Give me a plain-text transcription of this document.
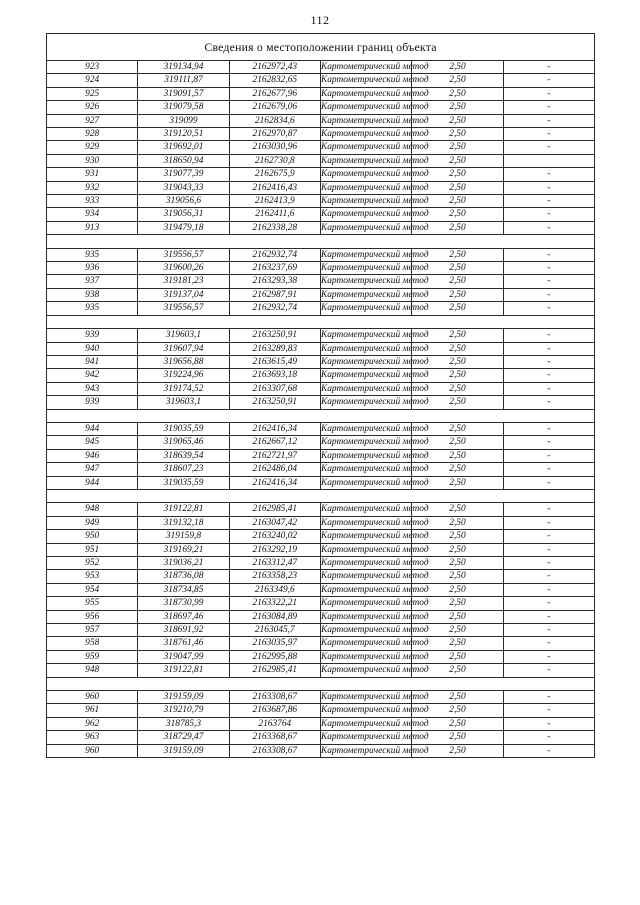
112
Сведения о местоположении границ объекта					
923	319134,94	2162972,43	Картометрический метод	2,50	-
924	319111,87	2162832,65	Картометрический метод	2,50	-
925	319091,57	2162677,96	Картометрический метод	2,50	-
926	319079,58	2162679,06	Картометрический метод	2,50	-
927	319099	2162834,6	Картометрический метод	2,50	-
928	319120,51	2162970,87	Картометрический метод	2,50	-
929	319692,01	2163030,96	Картометрический метод	2,50	-
930	318650,94	2162730,8	Картометрический метод	2,50	
931	319077,39	2162675,9	Картометрический метод	2,50	-
932	319043,33	2162416,43	Картометрический метод	2,50	-
933	319056,6	2162413,9	Картометрический метод	2,50	-
934	319056,31	2162411,6	Картометрический метод	2,50	-
913	319479,18	2162338,28	Картометрический метод	2,50	-

935	319556,57	2162932,74	Картометрический метод	2,50	-
936	319600,26	2163237,69	Картометрический метод	2,50	-
937	319181,23	2163293,38	Картометрический метод	2,50	-
938	319137,04	2162987,91	Картометрический метод	2,50	-
935	319556,57	2162932,74	Картометрический метод	2,50	-

939	319603,1	2163250,91	Картометрический метод	2,50	-
940	319607,94	2163289,83	Картометрический метод	2,50	-
941	319656,88	2163615,49	Картометрический метод	2,50	-
942	319224,96	2163693,18	Картометрический метод	2,50	-
943	319174,52	2163307,68	Картометрический метод	2,50	-
939	319603,1	2163250,91	Картометрический метод	2,50	-

944	319035,59	2162416,34	Картометрический метод	2,50	-
945	319065,46	2162667,12	Картометрический метод	2,50	-
946	318639,54	2162721,97	Картометрический метод	2,50	-
947	318607,23	2162486,04	Картометрический метод	2,50	-
944	319035,59	2162416,34	Картометрический метод	2,50	-

948	319122,81	2162985,41	Картометрический метод	2,50	-
949	319132,18	2163047,42	Картометрический метод	2,50	-
950	319159,8	2163240,02	Картометрический метод	2,50	-
951	319169,21	2163292,19	Картометрический метод	2,50	-
952	319036,21	2163312,47	Картометрический метод	2,50	-
953	318736,08	2163358,23	Картометрический метод	2,50	-
954	318734,85	2163349,6	Картометрический метод	2,50	-
955	318730,99	2163322,21	Картометрический метод	2,50	-
956	318697,46	2163084,89	Картометрический метод	2,50	-
957	318691,92	2163045,7	Картометрический метод	2,50	-
958	318761,46	2163035,97	Картометрический метод	2,50	-
959	319047,99	2162995,88	Картометрический метод	2,50	-
948	319122,81	2162985,41	Картометрический метод	2,50	-

960	319159,09	2163308,67	Картометрический метод	2,50	-
961	319210,79	2163687,86	Картометрический метод	2,50	-
962	318785,3	2163764	Картометрический метод	2,50	-
963	318729,47	2163368,67	Картометрический метод	2,50	-
960	319159,09	2163308,67	Картометрический метод	2,50	-
